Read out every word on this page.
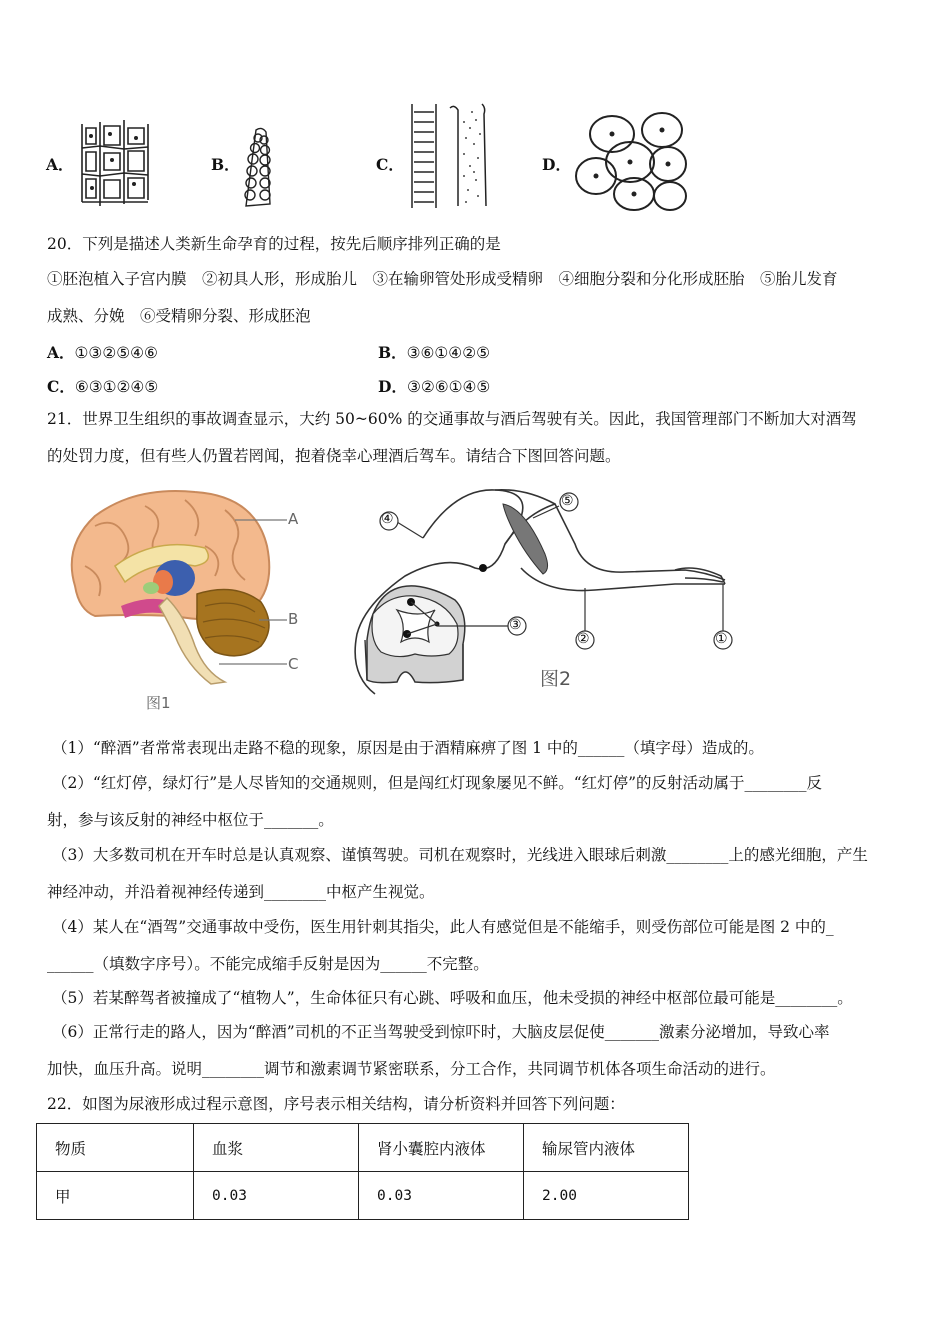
A．	B．	C．	D．
20．下列是描述人类新生命孕育的过程，按先后顺序排列正确的是
①胚泡植入子宫内膜　②初具人形，形成胎儿　③在输卵管处形成受精卵　④细胞分裂和分化形成胚胎　⑤胎儿发育
成熟、分娩　⑥受精卵分裂、形成胚泡
A．①③②⑤④⑥	B．③⑥①④②⑤
C．⑥③①②④⑤	D．③②⑥①④⑤
21．世界卫生组织的事故调查显示，大约 50~60% 的交通事故与酒后驾驶有关。因此，我国管理部门不断加大对酒驾
的处罚力度，但有些人仍置若罔闻，抱着侥幸心理酒后驾车。请结合下图回答问题。
A
B
C
图1
④
⑤
③
②	①
图2
（1）“醉酒”者常常表现出走路不稳的现象，原因是由于酒精麻痹了图 1 中的______（填字母）造成的。
（2）“红灯停，绿灯行”是人尽皆知的交通规则，但是闯红灯现象屡见不鲜。“红灯停”的反射活动属于________反
射，参与该反射的神经中枢位于_______。
（3）大多数司机在开车时总是认真观察、谨慎驾驶。司机在观察时，光线进入眼球后刺激________上的感光细胞，产生
神经冲动，并沿着视神经传递到________中枢产生视觉。
（4）某人在“酒驾”交通事故中受伤，医生用针刺其指尖，此人有感觉但是不能缩手，则受伤部位可能是图 2 中的_
______（填数字序号）。不能完成缩手反射是因为______不完整。
（5）若某醉驾者被撞成了“植物人”，生命体征只有心跳、呼吸和血压，他未受损的神经中枢部位最可能是________。
（6）正常行走的路人，因为“醉酒”司机的不正当驾驶受到惊吓时，大脑皮层促使_______激素分泌增加，导致心率
加快，血压升高。说明________调节和激素调节紧密联系，分工合作，共同调节机体各项生命活动的进行。
22．如图为尿液形成过程示意图，序号表示相关结构，请分析资料并回答下列问题：
物质	血浆	肾小囊腔内液体	输尿管内液体
甲	0.03	0.03	2.00
